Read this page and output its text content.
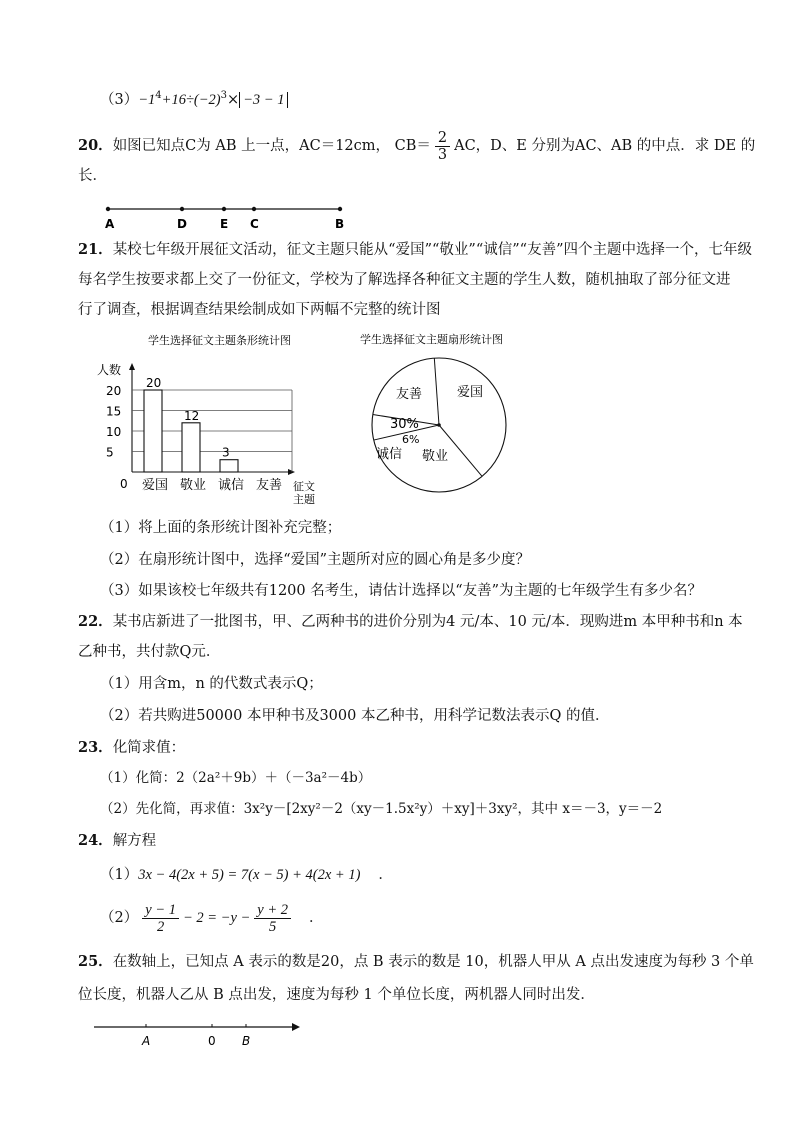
$(3)-1^4+16\div(-2)^3\times -3 - 1$
20．如图已知点C为 AB 上一点，AC＝12cm， $CB= \frac{2}{3}$ AC，D、E 分别为AC、AB 的中点．求 DE 的
长．
A	D	E C	B
21．某校七年级开展征文活动，征文主题只能从“爱国”“敬业”“诚信”“友善”四个主题中选择一个，七年级
每名学生按要求都上交了一份征文，学校为了解选择各种征文主题的学生人数，随机抽取了部分征文进
行了调查，根据调查结果绘制成如下两幅不完整的统计图
学生选择征文主题条形统计图
人数
0	征文
主题
5
10
15
20
20
爱国
12
敬业
3
诚信 友善
学生选择征文主题扇形统计图
爱国
敬业
诚信
友善
30%
6%
（1）将上面的条形统计图补充完整；
（2）在扇形统计图中，选择“爱国”主题所对应的圆心角是多少度？
（3）如果该校七年级共有1200 名考生，请估计选择以“友善”为主题的七年级学生有多少名？
22．某书店新进了一批图书，甲、乙两种书的进价分别为4 元/本、10 元/本．现购进m 本甲种书和n 本
乙种书，共付款Q元．
（1）用含m，n 的代数式表示Q；
（2）若共购进50000 本甲种书及3000 本乙种书，用科学记数法表示Q 的值．
23．化简求值：
（1）化简：2（2a²＋9b）＋（－3a²－4b）
（2）先化简，再求值：3x²y－[2xy²－2（xy－1.5x²y）＋xy]＋3xy²，其中 x＝－3，y＝－2
24．解方程
（1）3x − 4(2x + 5) = 7(x − 5) + 4(2x + 1) ．
$(2) \frac{y - 1}{2} - 2 = -y - \frac{y + 2}{5}$ ．
25．在数轴上，已知点 A 表示的数是20，点 B 表示的数是 10，机器人甲从 A 点出发速度为每秒 3 个单
位长度，机器人乙从 B 点出发，速度为每秒 1 个单位长度，两机器人同时出发．
A	0 B
